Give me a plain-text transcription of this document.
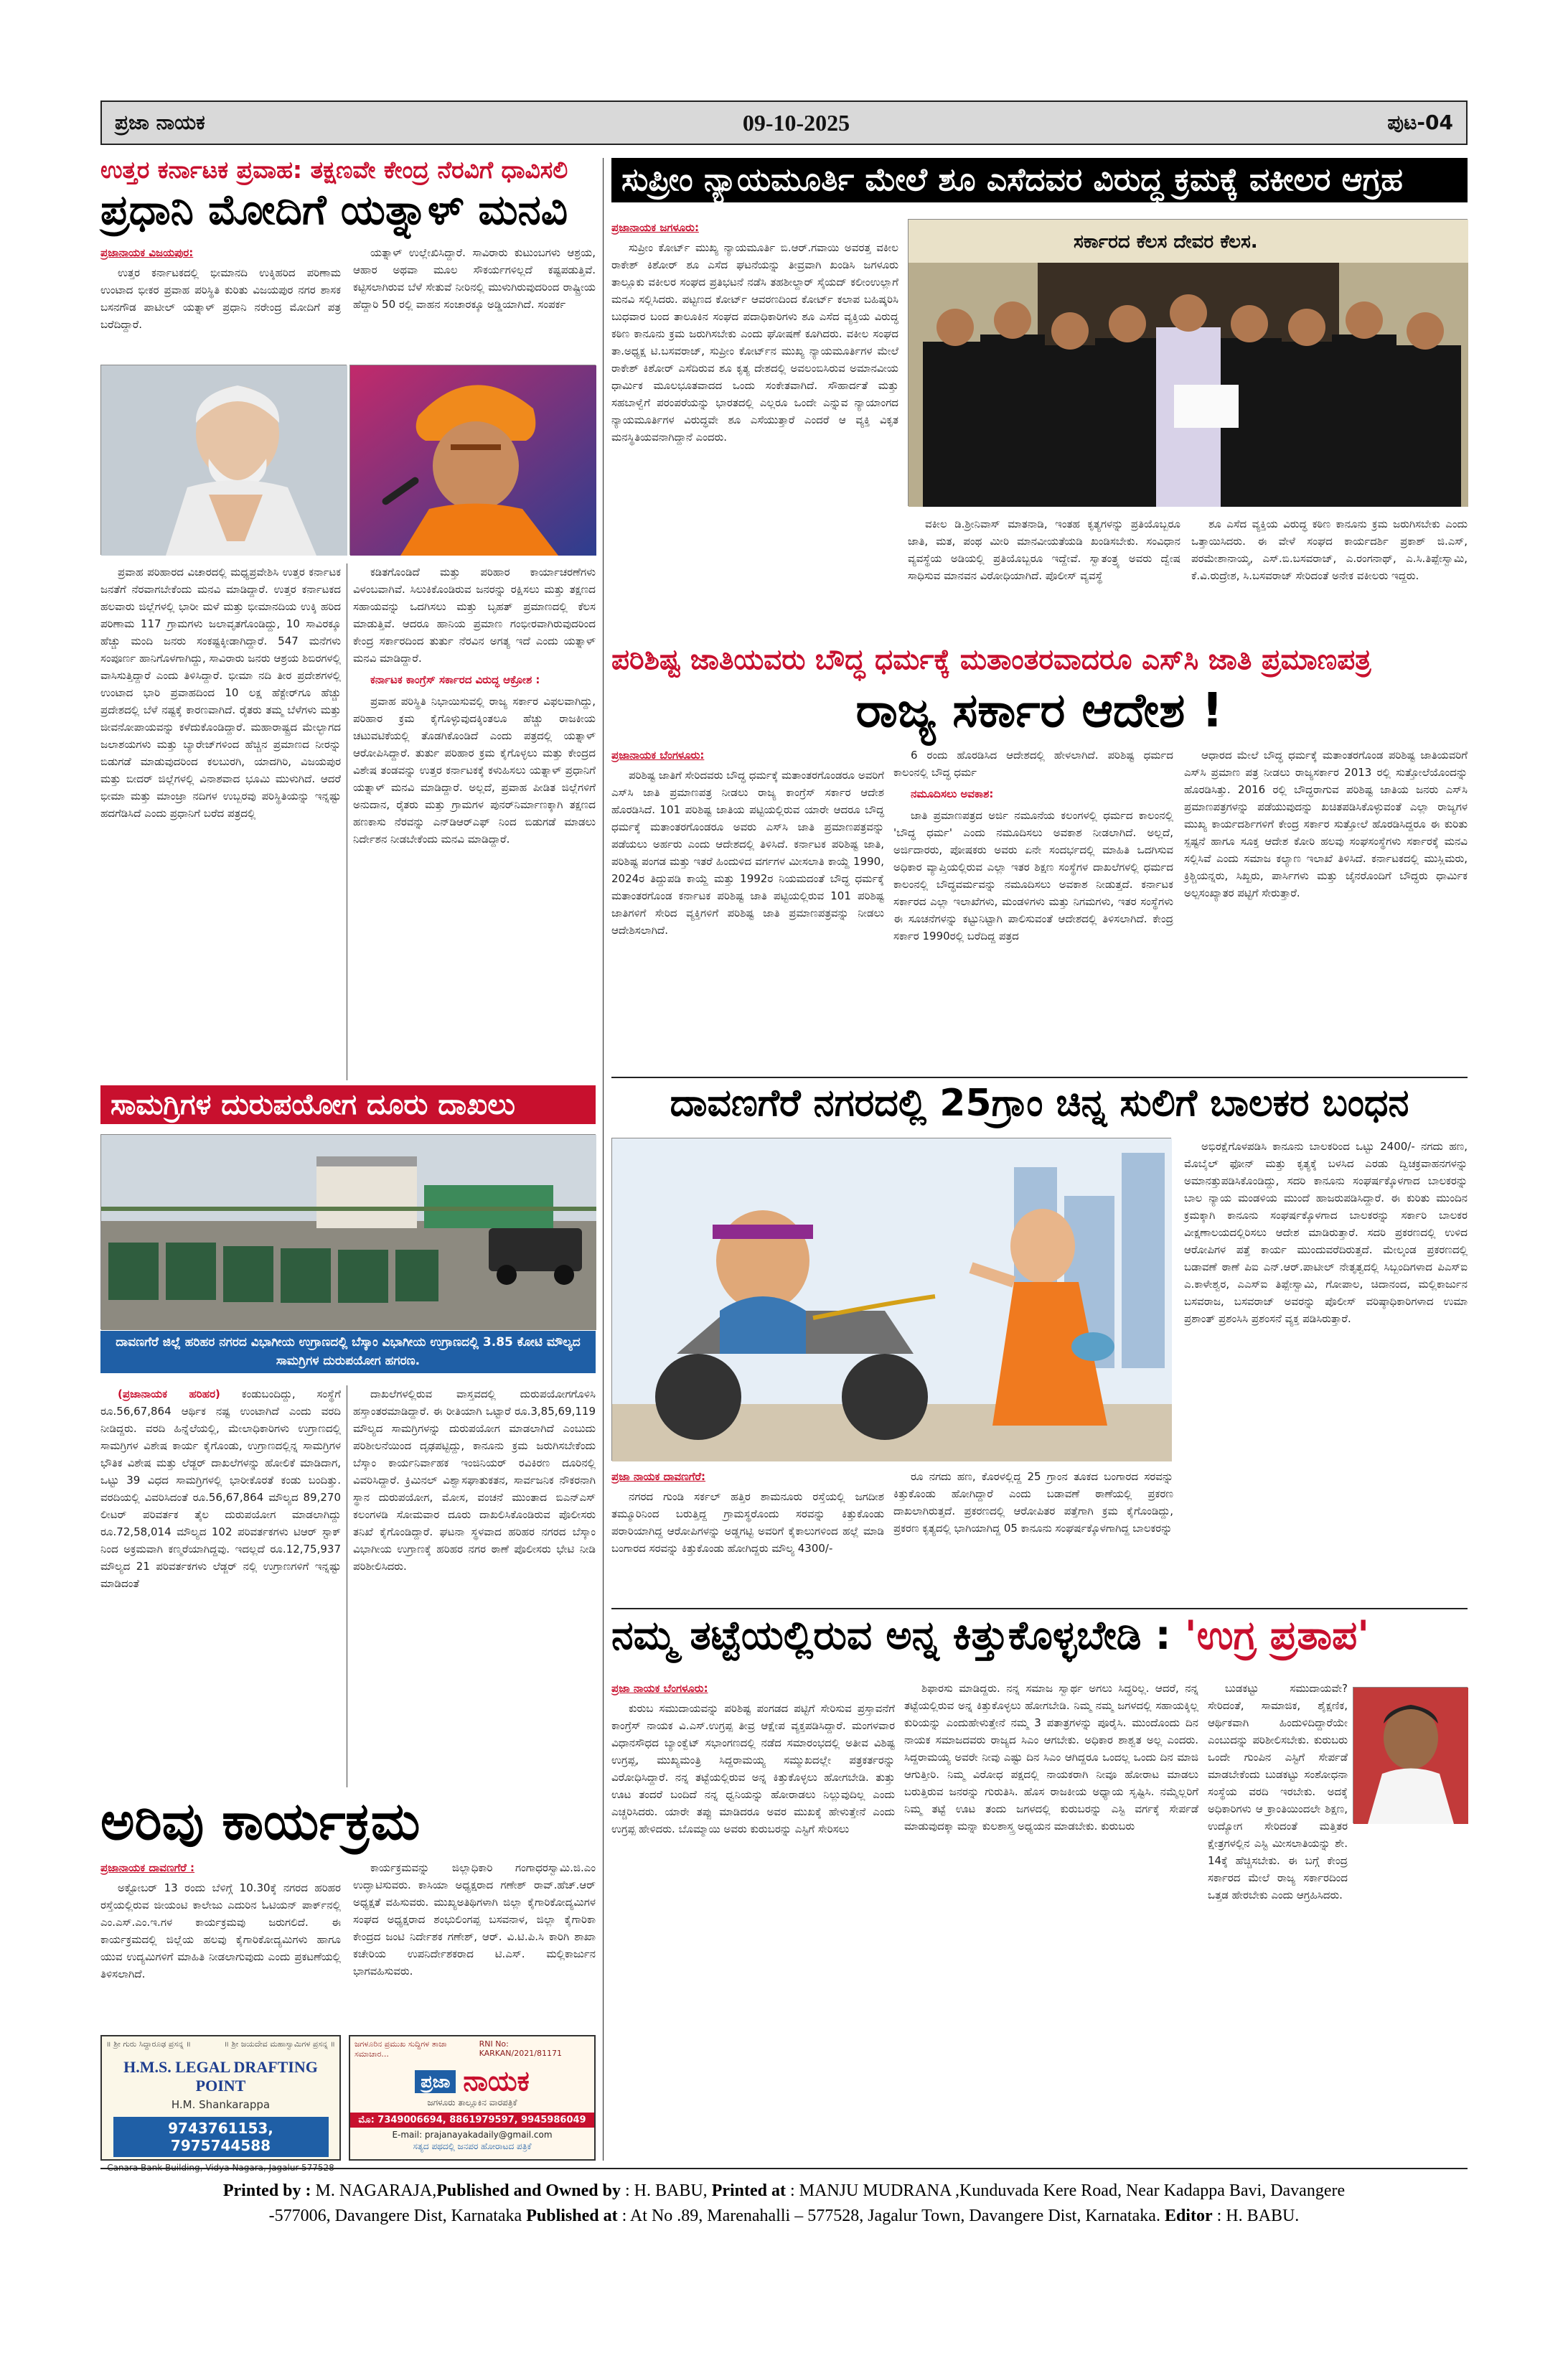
ಪ್ರಜಾ ನಾಯಕ	09-10-2025	ಪುಟ-04
ಉತ್ತರ ಕರ್ನಾಟಕ ಪ್ರವಾಹ: ತಕ್ಷಣವೇ ಕೇಂದ್ರ ನೆರವಿಗೆ ಧಾವಿಸಲಿ
ಪ್ರಧಾನಿ ಮೋದಿಗೆ ಯತ್ನಾಳ್ ಮನವಿ
ಪ್ರಜಾನಾಯಕ ವಿಜಯಪುರ:

ಉತ್ತರ ಕರ್ನಾಟಕದಲ್ಲಿ ಭೀಮಾನದಿ ಉಕ್ಕಿಹರಿದ ಪರಿಣಾಮ ಉಂಟಾದ ಭೀಕರ ಪ್ರವಾಹ ಪರಿಸ್ಥಿತಿ ಕುರಿತು ವಿಜಯಪುರ ನಗರ ಶಾಸಕ ಬಸನಗೌಡ ಪಾಟೀಲ್ ಯತ್ನಾಳ್ ಪ್ರಧಾನಿ ನರೇಂದ್ರ ಮೋದಿಗೆ ಪತ್ರ ಬರೆದಿದ್ದಾರೆ.

ಯತ್ನಾಳ್ ಉಲ್ಲೇಖಿಸಿದ್ದಾರೆ. ಸಾವಿರಾರು ಕುಟುಂಬಗಳು ಆಶ್ರಯ, ಆಹಾರ ಅಥವಾ ಮೂಲ ಸೌಕರ್ಯಗಳಿಲ್ಲದೆ ಕಷ್ಟಪಡುತ್ತಿವೆ. ಕಟ್ಟಿಸಲಾಗಿರುವ ಬೆಳೆ ಸೇತುವೆ ನೀರಿನಲ್ಲಿ ಮುಳುಗಿರುವುದರಿಂದ ರಾಷ್ಟ್ರೀಯ ಹೆದ್ದಾರಿ 50 ರಲ್ಲಿ ವಾಹನ ಸಂಚಾರಕ್ಕೂ ಅಡ್ಡಿಯಾಗಿದೆ. ಸಂಪರ್ಕ

ಪ್ರವಾಹ ಪರಿಹಾರದ ವಿಚಾರದಲ್ಲಿ ಮಧ್ಯಪ್ರವೇಶಿಸಿ ಉತ್ತರ ಕರ್ನಾಟಕ ಜನತೆಗೆ ನೆರವಾಗಬೇಕೆಂದು ಮನವಿ ಮಾಡಿದ್ದಾರೆ. ಉತ್ತರ ಕರ್ನಾಟಕದ ಹಲವಾರು ಜಿಲ್ಲೆಗಳಲ್ಲಿ ಭಾರೀ ಮಳೆ ಮತ್ತು ಭೀಮಾನದಿಯ ಉಕ್ಕಿ ಹರಿದ ಪರಿಣಾಮ 117 ಗ್ರಾಮಗಳು ಜಲಾವೃತಗೊಂಡಿದ್ದು, 10 ಸಾವಿರಕ್ಕೂ ಹೆಚ್ಚು ಮಂದಿ ಜನರು ಸಂಕಷ್ಟಕ್ಕೀಡಾಗಿದ್ದಾರೆ. 547 ಮನೆಗಳು ಸಂಪೂರ್ಣ ಹಾನಿಗೊಳಗಾಗಿದ್ದು, ಸಾವಿರಾರು ಜನರು ಆಶ್ರಯ ಶಿಬಿರಗಳಲ್ಲಿ ವಾಸಿಸುತ್ತಿದ್ದಾರೆ ಎಂದು ತಿಳಿಸಿದ್ದಾರೆ. ಭೀಮಾ ನದಿ ತೀರ ಪ್ರದೇಶಗಳಲ್ಲಿ ಉಂಟಾದ ಭಾರಿ ಪ್ರವಾಹದಿಂದ 10 ಲಕ್ಷ ಹೆಕ್ಟೇರ್‌ಗೂ ಹೆಚ್ಚು ಪ್ರದೇಶದಲ್ಲಿ ಬೆಳೆ ನಷ್ಟಕ್ಕೆ ಕಾರಣವಾಗಿದೆ. ರೈತರು ತಮ್ಮ ಬೆಳೆಗಳು ಮತ್ತು ಜೀವನೋಪಾಯವನ್ನು ಕಳೆದುಕೊಂಡಿದ್ದಾರೆ. ಮಹಾರಾಷ್ಟ್ರದ ಮೇಲ್ಭಾಗದ ಜಲಾಶಯಗಳು ಮತ್ತು ಬ್ಯಾರೇಜ್‌ಗಳಿಂದ ಹೆಚ್ಚಿನ ಪ್ರಮಾಣದ ನೀರನ್ನು ಬಿಡುಗಡೆ ಮಾಡುವುದರಿಂದ ಕಲಬುರಗಿ, ಯಾದಗಿರಿ, ವಿಜಯಪುರ ಮತ್ತು ಬೀದರ್ ಜಿಲ್ಲೆಗಳಲ್ಲಿ ವಿನಾಶವಾದ ಭೂಮಿ ಮುಳುಗಿದೆ. ಆದರೆ ಭೀಮಾ ಮತ್ತು ಮಾಂಜ್ರಾ ನದಿಗಳ ಉಬ್ಬರವು ಪರಿಸ್ಥಿತಿಯನ್ನು ಇನ್ನಷ್ಟು ಹದಗೆಡಿಸಿದೆ ಎಂದು ಪ್ರಧಾನಿಗೆ ಬರೆದ ಪತ್ರದಲ್ಲಿ

ಕಡಿತಗೊಂಡಿದೆ ಮತ್ತು ಪರಿಹಾರ ಕಾರ್ಯಾಚರಣೆಗಳು ವಿಳಂಬವಾಗಿವೆ. ಸಿಲುಕಿಕೊಂಡಿರುವ ಜನರನ್ನು ರಕ್ಷಿಸಲು ಮತ್ತು ತಕ್ಷಣದ ಸಹಾಯವನ್ನು ಒದಗಿಸಲು ಮತ್ತು ಬೃಹತ್ ಪ್ರಮಾಣದಲ್ಲಿ ಕೆಲಸ ಮಾಡುತ್ತಿವೆ. ಆದರೂ ಹಾನಿಯ ಪ್ರಮಾಣ ಗಂಭೀರವಾಗಿರುವುದರಿಂದ ಕೇಂದ್ರ ಸರ್ಕಾರದಿಂದ ತುರ್ತು ನೆರವಿನ ಅಗತ್ಯ ಇದೆ ಎಂದು ಯತ್ನಾಳ್ ಮನವಿ ಮಾಡಿದ್ದಾರೆ.

ಕರ್ನಾಟಕ ಕಾಂಗ್ರೆಸ್ ಸರ್ಕಾರದ ವಿರುದ್ಧ ಆಕ್ರೋಶ :

ಪ್ರವಾಹ ಪರಿಸ್ಥಿತಿ ನಿಭಾಯಿಸುವಲ್ಲಿ ರಾಜ್ಯ ಸರ್ಕಾರ ವಿಫಲವಾಗಿದ್ದು, ಪರಿಹಾರ ಕ್ರಮ ಕೈಗೊಳ್ಳುವುದಕ್ಕಿಂತಲೂ ಹೆಚ್ಚು ರಾಜಕೀಯ ಚಟುವಟಿಕೆಯಲ್ಲಿ ತೊಡಗಿಕೊಂಡಿದೆ ಎಂದು ಪತ್ರದಲ್ಲಿ ಯತ್ನಾಳ್ ಆರೋಪಿಸಿದ್ದಾರೆ. ತುರ್ತು ಪರಿಹಾರ ಕ್ರಮ ಕೈಗೊಳ್ಳಲು ಮತ್ತು ಕೇಂದ್ರದ ವಿಶೇಷ ತಂಡವನ್ನು ಉತ್ತರ ಕರ್ನಾಟಕಕ್ಕೆ ಕಳುಹಿಸಲು ಯತ್ನಾಳ್ ಪ್ರಧಾನಿಗೆ ಯತ್ನಾಳ್ ಮನವಿ ಮಾಡಿದ್ದಾರೆ. ಅಲ್ಲದೆ, ಪ್ರವಾಹ ಪೀಡಿತ ಜಿಲ್ಲೆಗಳಿಗೆ ಅನುದಾನ, ರೈತರು ಮತ್ತು ಗ್ರಾಮಗಳ ಪುನರ್‌ನಿರ್ಮಾಣಕ್ಕಾಗಿ ತಕ್ಷಣದ ಹಣಕಾಸು ನೆರವನ್ನು ಎನ್‌ಡಿಆರ್‌ಎಫ್ ನಿಂದ ಬಿಡುಗಡೆ ಮಾಡಲು ನಿರ್ದೇಶನ ನೀಡಬೇಕೆಂದು ಮನವಿ ಮಾಡಿದ್ದಾರೆ.

ಸಾಮಗ್ರಿಗಳ ದುರುಪಯೋಗ ದೂರು ದಾಖಲು
ದಾವಣಗೆರೆ ಜಿಲ್ಲೆ ಹರಿಹರ ನಗರದ ವಿಭಾಗೀಯ ಉಗ್ರಾಣದಲ್ಲಿ ಬೆಸ್ಕಾಂ ವಿಭಾಗೀಯ ಉಗ್ರಾಣದಲ್ಲಿ 3.85 ಕೋಟಿ ಮೌಲ್ಯದ ಸಾಮಗ್ರಿಗಳ ದುರುಪಯೋಗ ಹಗರಣ.

(ಪ್ರಜಾನಾಯಕ ಹರಿಹರ) ಕಂಡುಬಂದಿದ್ದು, ಸಂಸ್ಥೆಗೆ ರೂ.56,67,864 ಆರ್ಥಿಕ ನಷ್ಟ ಉಂಟಾಗಿದೆ ಎಂದು ವರದಿ ನೀಡಿದ್ದರು. ವರದಿ ಹಿನ್ನೆಲೆಯಲ್ಲಿ, ಮೇಲಾಧಿಕಾರಿಗಳು ಉಗ್ರಾಣದಲ್ಲಿ ಸಾಮಗ್ರಿಗಳ ವಿಶೇಷ ಕಾರ್ಯ ಕೈಗೊಂಡು, ಉಗ್ರಾಣದಲ್ಲಿನ್ನ ಸಾಮಗ್ರಿಗಳ ಭೌತಿಕ ವಿಶೇಷ ಮತ್ತು ಲೆಡ್ಜರ್ ದಾಖಲೆಗಳನ್ನು ಹೋಲಿಕೆ ಮಾಡಿದಾಗ, ಒಟ್ಟು 39 ವಿಧದ ಸಾಮಗ್ರಿಗಳಲ್ಲಿ ಭಾರೀಕೊರತೆ ಕಂಡು ಬಂದಿತ್ತು. ವರದಿಯಲ್ಲಿ ವಿವರಿಸಿದಂತೆ ರೂ.56,67,864 ಮೌಲ್ಯದ 89,270 ಲೀಟರ್ ಪರಿವರ್ತಕ ತೈಲ ದುರುಪಯೋಗ ಮಾಡಲಾಗಿದ್ದು ರೂ.72,58,014 ಮೌಲ್ಯದ 102 ಪರಿವರ್ತಕಗಳು ಟಿಆರ್ ಸ್ಟಾಕ್ ನಿಂದ ಅಕ್ರಮವಾಗಿ ಕಣ್ಮರೆಯಾಗಿದ್ದವು. ಇದಲ್ಲದೆ ರೂ.12,75,937 ಮೌಲ್ಯದ 21 ಪರಿವರ್ತಕಗಳು ಲೆಡ್ಜರ್ ನಲ್ಲಿ ಉಗ್ರಾಣಗಳಿಗೆ ಇನ್ನಷ್ಟು ಮಾಡಿದಂತೆ

ದಾಖಲೆಗಳಲ್ಲಿರುವ ವಾಸ್ತವದಲ್ಲಿ ದುರುಪಯೋಗಗೊಳಿಸಿ ಹಸ್ತಾಂತರಮಾಡಿದ್ದಾರೆ. ಈ ರೀತಿಯಾಗಿ ಒಟ್ಟಾರೆ ರೂ.3,85,69,119 ಮೌಲ್ಯದ ಸಾಮಗ್ರಿಗಳನ್ನು ದುರುಪಯೋಗ ಮಾಡಲಾಗಿದೆ ಎಂಬುದು ಪರಿಶೀಲನೆಯಿಂದ ದೃಢಪಟ್ಟಿದ್ದು, ಕಾನೂನು ಕ್ರಮ ಜರುಗಿಸಬೇಕೆಂದು ಬೆಸ್ಕಾಂ ಕಾರ್ಯನಿರ್ವಾಹಕ ಇಂಜಿನಿಯರ್ ರವಿಕಿರಣ ದೂರಿನಲ್ಲಿ ವಿವರಿಸಿದ್ದಾರೆ. ಕ್ರಿಮಿನಲ್ ವಿಶ್ವಾಸಘಾತುಕತನ, ಸಾರ್ವಜನಿಕ ನೌಕರನಾಗಿ ಸ್ಥಾನ ದುರುಪಯೋಗ, ಮೋಸ, ವಂಚನೆ ಮುಂತಾದ ಬಿಎನ್‌ಎಸ್ ಕಲಂಗಳಡಿ ಸೋಮವಾರ ದೂರು ದಾಖಲಿಸಿಕೊಂಡಿರುವ ಪೊಲೀಸರು ತನಿಖೆ ಕೈಗೊಂಡಿದ್ದಾರೆ. ಘಟನಾ ಸ್ಥಳವಾದ ಹರಿಹರ ನಗರದ ಬೆಸ್ಕಾಂ ವಿಭಾಗೀಯ ಉಗ್ರಾಣಕ್ಕೆ ಹರಿಹರ ನಗರ ಠಾಣೆ ಪೊಲೀಸರು ಭೇಟಿ ನೀಡಿ ಪರಿಶೀಲಿಸಿದರು.

ಅರಿವು ಕಾರ್ಯಕ್ರಮ
ಪ್ರಜಾನಾಯಕ ದಾವಣಗೆರೆ :

ಅಕ್ಟೋಬರ್ 13 ರಂದು ಬೆಳಿಗ್ಗೆ 10.30ಕ್ಕೆ ನಗರದ ಹರಿಹರ ರಸ್ತೆಯಲ್ಲಿರುವ ಜೀಯಂಟಿ ಕಾಲೇಜು ಎದುರಿನ ಓಟಿಯನ್ ಪಾರ್ಕ್‌ನಲ್ಲಿ ಎಂ.ಎಸ್.ಎಂ.ಇ.ಗಳ ಕಾರ್ಯಕ್ರಮವು ಜರುಗಲಿದೆ. ಈ ಕಾರ್ಯಕ್ರಮದಲ್ಲಿ ಜಿಲ್ಲೆಯ ಹಲವು ಕೈಗಾರಿಕೋದ್ಯಮಿಗಳು ಹಾಗೂ ಯುವ ಉದ್ಯಮಿಗಳಿಗೆ ಮಾಹಿತಿ ನೀಡಲಾಗುವುದು ಎಂದು ಪ್ರಕಟಣೆಯಲ್ಲಿ ತಿಳಿಸಲಾಗಿದೆ.

ಕಾರ್ಯಕ್ರಮವನ್ನು ಜಿಲ್ಲಾಧಿಕಾರಿ ಗಂಗಾಧರಸ್ವಾಮಿ.ಜಿ.ಎಂ ಉದ್ಘಾಟಿಸುವರು. ಕಾಸಿಯಾ ಅಧ್ಯಕ್ಷರಾದ ಗಣೇಶ್ ರಾವ್.ಹೆಚ್.ಆರ್ ಅಧ್ಯಕ್ಷತೆ ವಹಿಸುವರು. ಮುಖ್ಯಅತಿಥಿಗಳಾಗಿ ಜಿಲ್ಲಾ ಕೈಗಾರಿಕೋದ್ಯಮಿಗಳ ಸಂಘದ ಅಧ್ಯಕ್ಷರಾದ ಶಂಭುಲಿಂಗಪ್ಪ ಬಸವನಾಳ, ಜಿಲ್ಲಾ ಕೈಗಾರಿಕಾ ಕೇಂದ್ರದ ಜಂಟಿ ನಿರ್ದೇಶಕ ಗಣೇಶ್, ಆರ್. ವಿ.ಟಿ.ಪಿ.ಸಿ ಕಾರಿಗಿ ಶಾಖಾ ಕಚೇರಿಯ ಉಪನಿರ್ದೇಶಕರಾದ ಟಿ.ಎಸ್. ಮಲ್ಲಿಕಾರ್ಜುನ ಭಾಗವಹಿಸುವರು.

॥ ಶ್ರೀ ಗುರು ಸಿದ್ದಾರೂಢ ಪ್ರಸನ್ನ ॥	॥ ಶ್ರೀ ಜಯದೇವ ಮಹಾಸ್ವಾಮಿಗಳ ಪ್ರಸನ್ನ ॥
H.M.S. LEGAL DRAFTING POINT
H.M. Shankarappa
9743761153, 7975744588
ಜಗಳೂರಿನ ಪ್ರಮುಖ ಸುದ್ದಿಗಳ ತಾಜಾ ಸಮಾಚಾರ...
RNI No: KARKAN/2021/81171
ಪ್ರಜಾ ನಾಯಕ
ಜಗಳೂರು ತಾಲ್ಲೂಕಿನ ವಾರಪತ್ರಿಕೆ
ಮೊ: 7349006694, 8861979597, 9945986049
E-mail: prajanayakadaily@gmail.com
ಸತ್ಯದ ಪಥದಲ್ಲಿ ಜನಪರ ಹೋರಾಟದ ಪತ್ರಿಕೆ
ಸುಪ್ರೀಂ ನ್ಯಾಯಮೂರ್ತಿ ಮೇಲೆ ಶೂ ಎಸೆದವರ ವಿರುದ್ಧ ಕ್ರಮಕ್ಕೆ ವಕೀಲರ ಆಗ್ರಹ
ಪ್ರಜಾನಾಯಕ ಜಗಳೂರು:

ಸುಪ್ರೀಂ ಕೋರ್ಟ್ ಮುಖ್ಯ ನ್ಯಾಯಮೂರ್ತಿ ಬಿ.ಆರ್.ಗವಾಯಿ ಅವರತ್ತ ವಕೀಲ ರಾಕೇಶ್ ಕಿಶೋರ್ ಶೂ ಎಸೆದ ಘಟನೆಯನ್ನು ತೀವ್ರವಾಗಿ ಖಂಡಿಸಿ ಜಗಳೂರು ತಾಲ್ಲೂಕು ವಕೀಲರ ಸಂಘದ ಪ್ರತಿಭಟನೆ ನಡೆಸಿ ತಹಶೀಲ್ದಾರ್ ಸೈಯದ್ ಕಲೀಂಉಲ್ಲಾಗೆ ಮನವಿ ಸಲ್ಲಿಸಿದರು. ಪಟ್ಟಣದ ಕೋರ್ಟ್ ಆವರಣದಿಂದ ಕೋರ್ಟ್ ಕಲಾಪ ಬಹಿಷ್ಕರಿಸಿ ಬುಧವಾರ ಬಂದ ತಾಲೂಕಿನ ಸಂಘದ ಪದಾಧಿಕಾರಿಗಳು ಶೂ ಎಸೆದ ವ್ಯಕ್ತಿಯ ವಿರುದ್ಧ ಕಠಿಣ ಕಾನೂನು ಕ್ರಮ ಜರುಗಿಸಬೇಕು ಎಂದು ಘೋಷಣೆ ಕೂಗಿದರು. ವಕೀಲ ಸಂಘದ ತಾ.ಅಧ್ಯಕ್ಷ ಟಿ.ಬಸವರಾಜ್, ಸುಪ್ರೀಂ ಕೋರ್ಟ್‌ನ ಮುಖ್ಯ ನ್ಯಾಯಮೂರ್ತಿಗಳ ಮೇಲೆ ರಾಕೇಶ್ ಕಿಶೋರ್ ಎಸೆದಿರುವ ಶೂ ಕೃತ್ಯ ದೇಶದಲ್ಲಿ ಅವಲಂಬಿಸಿರುವ ಅಮಾನವೀಯ ಧಾರ್ಮಿಕ ಮೂಲಭೂತವಾದದ ಒಂದು ಸಂಕೇತವಾಗಿದೆ. ಸೌಹಾರ್ದತೆ ಮತ್ತು ಸಹಬಾಳ್ವೆಗೆ ಪರಂಪರೆಯನ್ನು ಭಾರತದಲ್ಲಿ ಎಲ್ಲರೂ ಒಂದೇ ಎನ್ನುವ ನ್ಯಾಯಾಂಗದ ನ್ಯಾಯಮೂರ್ತಿಗಳ ವಿರುದ್ಧವೇ ಶೂ ಎಸೆಯುತ್ತಾರೆ ಎಂದರೆ ಆ ವ್ಯಕ್ತಿ ವಿಕೃತ ಮನಸ್ಥಿತಿಯವನಾಗಿದ್ದಾನೆ ಎಂದರು.

ಸರ್ಕಾರದ ಕೆಲಸ ದೇವರ ಕೆಲಸ.

ವಕೀಲ ಡಿ.ಶ್ರೀನಿವಾಸ್ ಮಾತನಾಡಿ, ಇಂತಹ ಕೃತ್ಯಗಳನ್ನು ಪ್ರತಿಯೊಬ್ಬರೂ ಜಾತಿ, ಮತ, ಪಂಥ ಮೀರಿ ಮಾನವೀಯತೆಯಡಿ ಖಂಡಿಸಬೇಕು. ಸಂವಿಧಾನ ವ್ಯವಸ್ಥೆಯ ಅಡಿಯಲ್ಲಿ ಪ್ರತಿಯೊಬ್ಬರೂ ಇದ್ದೇವೆ. ಸ್ವಾತಂತ್ರ್ಯ ಅವರು ದ್ವೇಷ ಸಾಧಿಸುವ ಮಾನವನ ವಿರೋಧಿಯಾಗಿದೆ. ಪೊಲೀಸ್ ವ್ಯವಸ್ಥೆ

ಶೂ ಎಸೆದ ವ್ಯಕ್ತಿಯ ವಿರುದ್ಧ ಕಠಿಣ ಕಾನೂನು ಕ್ರಮ ಜರುಗಿಸಬೇಕು ಎಂದು ಒತ್ತಾಯಿಸಿದರು. ಈ ವೇಳೆ ಸಂಘದ ಕಾರ್ಯದರ್ಶಿ ಪ್ರಕಾಶ್ ಜಿ.ಎಸ್, ಪರಮೇಶಾನಾಯ್ಕ, ಎಸ್.ಬಿ.ಬಸವರಾಜ್, ಎ.ರಂಗನಾಥ್, ಎ.ಸಿ.ತಿಪ್ಪೇಸ್ವಾಮಿ, ಕೆ.ವಿ.ರುದ್ರೇಶ, ಸಿ.ಬಸವರಾಜ್ ಸೇರಿದಂತೆ ಅನೇಕ ವಕೀಲರು ಇದ್ದರು.

ಪರಿಶಿಷ್ಟ ಜಾತಿಯವರು ಬೌದ್ಧ ಧರ್ಮಕ್ಕೆ ಮತಾಂತರವಾದರೂ ಎಸ್‌ಸಿ ಜಾತಿ ಪ್ರಮಾಣಪತ್ರ
ರಾಜ್ಯ ಸರ್ಕಾರ ಆದೇಶ !
ಪ್ರಜಾನಾಯಕ ಬೆಂಗಳೂರು:

ಪರಿಶಿಷ್ಟ ಜಾತಿಗೆ ಸೇರಿದವರು ಬೌದ್ಧ ಧರ್ಮಕ್ಕೆ ಮತಾಂತರಗೊಂಡರೂ ಅವರಿಗೆ ಎಸ್‌ಸಿ ಜಾತಿ ಪ್ರಮಾಣಪತ್ರ ನೀಡಲು ರಾಜ್ಯ ಕಾಂಗ್ರೆಸ್ ಸರ್ಕಾರ ಆದೇಶ ಹೊರಡಿಸಿದೆ. 101 ಪರಿಶಿಷ್ಟ ಜಾತಿಯ ಪಟ್ಟಿಯಲ್ಲಿರುವ ಯಾರೇ ಆದರೂ ಬೌದ್ಧ ಧರ್ಮಕ್ಕೆ ಮತಾಂತರಗೊಂಡರೂ ಅವರು ಎಸ್‌ಸಿ ಜಾತಿ ಪ್ರಮಾಣಪತ್ರವನ್ನು ಪಡೆಯಲು ಅರ್ಹರು ಎಂದು ಆದೇಶದಲ್ಲಿ ತಿಳಿಸಿದೆ. ಕರ್ನಾಟಕ ಪರಿಶಿಷ್ಟ ಜಾತಿ, ಪರಿಶಿಷ್ಟ ಪಂಗಡ ಮತ್ತು ಇತರೆ ಹಿಂದುಳಿದ ವರ್ಗಗಳ ಮೀಸಲಾತಿ ಕಾಯ್ದೆ 1990, 2024ರ ತಿದ್ದುಪಡಿ ಕಾಯ್ದೆ ಮತ್ತು 1992ರ ನಿಯಮದಂತೆ ಬೌದ್ಧ ಧರ್ಮಕ್ಕೆ ಮತಾಂತರಗೊಂಡ ಕರ್ನಾಟಕ ಪರಿಶಿಷ್ಟ ಜಾತಿ ಪಟ್ಟಿಯಲ್ಲಿರುವ 101 ಪರಿಶಿಷ್ಟ ಜಾತಿಗಳಿಗೆ ಸೇರಿದ ವ್ಯಕ್ತಿಗಳಿಗೆ ಪರಿಶಿಷ್ಟ ಜಾತಿ ಪ್ರಮಾಣಪತ್ರವನ್ನು ನೀಡಲು ಆದೇಶಿಸಲಾಗಿದೆ.

6 ರಂದು ಹೊರಡಿಸಿದ ಆದೇಶದಲ್ಲಿ ಹೇಳಲಾಗಿದೆ. ಪರಿಶಿಷ್ಟ ಧರ್ಮದ ಕಾಲಂನಲ್ಲಿ ಬೌದ್ಧ ಧರ್ಮ

ನಮೂದಿಸಲು ಅವಕಾಶ:

ಜಾತಿ ಪ್ರಮಾಣಪತ್ರದ ಅರ್ಜಿ ನಮೂನೆಯ ಕಲಂಗಳಲ್ಲಿ ಧರ್ಮದ ಕಾಲಂನಲ್ಲಿ 'ಬೌದ್ಧ ಧರ್ಮ' ಎಂದು ನಮೂದಿಸಲು ಅವಕಾಶ ನೀಡಲಾಗಿದೆ. ಅಲ್ಲದೆ, ಅರ್ಜಿದಾರರು, ಪೋಷಕರು ಅವರು ಏನೇ ಸಂದರ್ಭದಲ್ಲಿ ಮಾಹಿತಿ ಒದಗಿಸುವ ಅಧಿಕಾರ ವ್ಯಾಪ್ತಿಯಲ್ಲಿರುವ ಎಲ್ಲಾ ಇತರ ಶಿಕ್ಷಣ ಸಂಸ್ಥೆಗಳ ದಾಖಲೆಗಳಲ್ಲಿ ಧರ್ಮದ ಕಾಲಂನಲ್ಲಿ ಬೌದ್ಧವರ್ಮವನ್ನು ನಮೂದಿಸಲು ಅವಕಾಶ ನೀಡುತ್ತದೆ. ಕರ್ನಾಟಕ ಸರ್ಕಾರದ ಎಲ್ಲಾ ಇಲಾಖೆಗಳು, ಮಂಡಳಿಗಳು ಮತ್ತು ನಿಗಮಗಳು, ಇತರ ಸಂಸ್ಥೆಗಳು ಈ ಸೂಚನೆಗಳನ್ನು ಕಟ್ಟುನಿಟ್ಟಾಗಿ ಪಾಲಿಸುವಂತೆ ಆದೇಶದಲ್ಲಿ ತಿಳಿಸಲಾಗಿದೆ. ಕೇಂದ್ರ ಸರ್ಕಾರ 1990ರಲ್ಲಿ ಬರೆದಿದ್ದ ಪತ್ರದ

ಆಧಾರದ ಮೇಲೆ ಬೌದ್ಧ ಧರ್ಮಕ್ಕೆ ಮತಾಂತರಗೊಂಡ ಪರಿಶಿಷ್ಟ ಜಾತಿಯವರಿಗೆ ಎಸ್‌ಸಿ ಪ್ರಮಾಣ ಪತ್ರ ನೀಡಲು ರಾಜ್ಯಸರ್ಕಾರ 2013 ರಲ್ಲಿ ಸುತ್ತೋಲೆಯೊಂದನ್ನು ಹೊರಡಿಸಿತ್ತು. 2016 ರಲ್ಲಿ ಬೌದ್ಧರಾಗುವ ಪರಿಶಿಷ್ಟ ಜಾತಿಯ ಜನರು ಎಸ್‌ಸಿ ಪ್ರಮಾಣಪತ್ರಗಳನ್ನು ಪಡೆಯುವುದನ್ನು ಖಚಿತಪಡಿಸಿಕೊಳ್ಳುವಂತೆ ಎಲ್ಲಾ ರಾಜ್ಯಗಳ ಮುಖ್ಯ ಕಾರ್ಯದರ್ಶಿಗಳಿಗೆ ಕೇಂದ್ರ ಸರ್ಕಾರ ಸುತ್ತೋಲೆ ಹೊರಡಿಸಿದ್ದರೂ ಈ ಕುರಿತು ಸ್ಪಷ್ಟನೆ ಹಾಗೂ ಸೂಕ್ತ ಆದೇಶ ಕೋರಿ ಹಲವು ಸಂಘಸಂಸ್ಥೆಗಳು ಸರ್ಕಾರಕ್ಕೆ ಮನವಿ ಸಲ್ಲಿಸಿವೆ ಎಂದು ಸಮಾಜ ಕಲ್ಯಾಣ ಇಲಾಖೆ ತಿಳಿಸಿದೆ. ಕರ್ನಾಟಕದಲ್ಲಿ ಮುಸ್ಲಿಮರು, ಕ್ರಿಶ್ಚಿಯನ್ನರು, ಸಿಖ್ಖರು, ಪಾರ್ಸಿಗಳು ಮತ್ತು ಜೈನರೊಂದಿಗೆ ಬೌದ್ಧರು ಧಾರ್ಮಿಕ ಅಲ್ಪಸಂಖ್ಯಾತರ ಪಟ್ಟಿಗೆ ಸೇರುತ್ತಾರೆ.

ದಾವಣಗೆರೆ ನಗರದಲ್ಲಿ 25ಗ್ರಾಂ ಚಿನ್ನ ಸುಲಿಗೆ ಬಾಲಕರ ಬಂಧನ
ಪ್ರಜಾ ನಾಯಕ ದಾವಣಗೆರೆ:

ನಗರದ ಗುಂಡಿ ಸರ್ಕಲ್ ಹತ್ತಿರ ಶಾಮನೂರು ರಸ್ತೆಯಲ್ಲಿ ಜಗದೀಶ ತಮ್ಮೂರಿನಿಂದ ಬರುತ್ತಿದ್ದ ಗ್ರಾಮಸ್ಥರೊಂದು ಸರವನ್ನು ಕಿತ್ತುಕೊಂಡು ಪರಾರಿಯಾಗಿದ್ದ ಆರೋಪಿಗಳನ್ನು ಅಡ್ಡಗಟ್ಟಿ ಅವರಿಗೆ ಕೈಕಾಲುಗಳಿಂದ ಹಲ್ಲೆ ಮಾಡಿ ಬಂಗಾರದ ಸರವನ್ನು ಕಿತ್ತುಕೊಂಡು ಹೋಗಿದ್ದರು ಮೌಲ್ಯ 4300/-

ರೂ ನಗದು ಹಣ, ಕೊರಳಲ್ಲಿದ್ದ 25 ಗ್ರಾಂನ ತೂಕದ ಬಂಗಾರದ ಸರವನ್ನು ಕಿತ್ತುಕೊಂಡು ಹೋಗಿದ್ದಾರೆ ಎಂದು ಬಡಾವಣೆ ಠಾಣೆಯಲ್ಲಿ ಪ್ರಕರಣ ದಾಖಲಾಗಿರುತ್ತದೆ. ಪ್ರಕರಣದಲ್ಲಿ ಆರೋಪಿತರ ಪತ್ತೆಗಾಗಿ ಕ್ರಮ ಕೈಗೊಂಡಿದ್ದು, ಪ್ರಕರಣ ಕೃತ್ಯದಲ್ಲಿ ಭಾಗಿಯಾಗಿದ್ದ 05 ಕಾನೂನು ಸಂಘರ್ಷಕ್ಕೊಳಗಾಗಿದ್ದ ಬಾಲಕರನ್ನು

ಅಭಿರಕ್ಷೆಗೊಳಪಡಿಸಿ ಕಾನೂನು ಬಾಲಕರಿಂದ ಒಟ್ಟು 2400/- ನಗದು ಹಣ, ಮೊಬೈಲ್ ಫೋನ್ ಮತ್ತು ಕೃತ್ಯಕ್ಕೆ ಬಳಸಿದ ಎರಡು ದ್ವಿಚಕ್ರವಾಹನಗಳನ್ನು ಅಮಾನತ್ತುಪಡಿಸಿಕೊಂಡಿದ್ದು, ಸದರಿ ಕಾನೂನು ಸಂಘರ್ಷಕ್ಕೊಳಗಾದ ಬಾಲಕರನ್ನು ಬಾಲ ನ್ಯಾಯ ಮಂಡಳಿಯ ಮುಂದೆ ಹಾಜರುಪಡಿಸಿದ್ದಾರೆ. ಈ ಕುರಿತು ಮುಂದಿನ ಕ್ರಮಕ್ಕಾಗಿ ಕಾನೂನು ಸಂಘರ್ಷಕ್ಕೊಳಗಾದ ಬಾಲಕರನ್ನು ಸರ್ಕಾರಿ ಬಾಲಕರ ವೀಕ್ಷಣಾಲಯದಲ್ಲಿರಿಸಲು ಆದೇಶ ಮಾಡಿರುತ್ತಾರೆ. ಸದರಿ ಪ್ರಕರಣದಲ್ಲಿ ಉಳಿದ ಆರೋಪಿಗಳ ಪತ್ತೆ ಕಾರ್ಯ ಮುಂದುವರೆದಿರುತ್ತದೆ. ಮೇಲ್ಕಂಡ ಪ್ರಕರಣದಲ್ಲಿ ಬಡಾವಣೆ ಠಾಣೆ ಪಿಐ ಎನ್.ಆರ್.ಪಾಟೀಲ್ ನೇತೃತ್ವದಲ್ಲಿ ಸಿಬ್ಬಂದಿಗಳಾದ ಪಿಎಸ್ಐ ಎ.ಕಾಳೇಶ್ವರ, ಎಎಸ್‌ಐ ತಿಪ್ಪೇಸ್ವಾಮಿ, ಗೋಪಾಲ, ಚಿದಾನಂದ, ಮಲ್ಲಿಕಾರ್ಜುನ ಬಸವರಾಜ, ಬಸವರಾಜ್ ಅವರನ್ನು ಪೊಲೀಸ್ ವರಿಷ್ಠಾಧಿಕಾರಿಗಳಾದ ಉಮಾ ಪ್ರಶಾಂತ್ ಪ್ರಶಂಸಿಸಿ ಪ್ರಶಂಸನೆ ವ್ಯಕ್ತ ಪಡಿಸಿರುತ್ತಾರೆ.

ನಮ್ಮ ತಟ್ಟೆಯಲ್ಲಿರುವ ಅನ್ನ ಕಿತ್ತುಕೊಳ್ಳಬೇಡಿ : 'ಉಗ್ರ ಪ್ರತಾಪ'
ಪ್ರಜಾ ನಾಯಕ ಬೆಂಗಳೂರು:

ಕುರುಬ ಸಮುದಾಯವನ್ನು ಪರಿಶಿಷ್ಟ ಪಂಗಡದ ಪಟ್ಟಿಗೆ ಸೇರಿಸುವ ಪ್ರಸ್ತಾವನೆಗೆ ಕಾಂಗ್ರೆಸ್ ನಾಯಕ ವಿ.ಎಸ್.ಉಗ್ರಪ್ಪ ತೀವ್ರ ಆಕ್ಷೇಪ ವ್ಯಕ್ತಪಡಿಸಿದ್ದಾರೆ. ಮಂಗಳವಾರ ವಿಧಾನಸೌಧದ ಬ್ಯಾಂಕ್ವೆಟ್ ಸಭಾಂಗಣದಲ್ಲಿ ನಡೆದ ಸಮಾರಂಭದಲ್ಲಿ ಅತೀವ ವಿಶಿಷ್ಟ ಉಗ್ರಪ್ಪ, ಮುಖ್ಯಮಂತ್ರಿ ಸಿದ್ದರಾಮಯ್ಯ ಸಮ್ಮುಖದಲ್ಲೇ ಪತ್ರಕರ್ತರನ್ನು ವಿರೋಧಿಸಿದ್ದಾರೆ. ನನ್ನ ತಟ್ಟೆಯಲ್ಲಿರುವ ಅನ್ನ ಕಿತ್ತುಕೊಳ್ಳಲು ಹೋಗಬೇಡಿ. ತುತ್ತು ಊಟ ತಂದರೆ ಬಂದಿದೆ ನನ್ನ ಧ್ವನಿಯನ್ನು ಹೋರಾಡಲು ನಿಲ್ಲುವುದಿಲ್ಲ ಎಂದು ಎಚ್ಚರಿಸಿದರು. ಯಾರೇ ತಪ್ಪು ಮಾಡಿದರೂ ಅವರ ಮುಖಕ್ಕೆ ಹೇಳುತ್ತೇನೆ ಎಂದು ಉಗ್ರಪ್ಪ ಹೇಳಿದರು. ಬೊಮ್ಮಾಯಿ ಅವರು ಕುರುಬರನ್ನು ಎಸ್ಟಿಗೆ ಸೇರಿಸಲು

ಶಿಫಾರಸು ಮಾಡಿದ್ದರು. ನನ್ನ ಸಮಾಜ ಸ್ವಾರ್ಥ ಅಗಲು ಸಿದ್ಧರಿಲ್ಲ. ಆದರೆ, ನನ್ನ ತಟ್ಟೆಯಲ್ಲಿರುವ ಅನ್ನ ಕಿತ್ತುಕೊಳ್ಳಲು ಹೋಗಬೇಡಿ. ನಿಮ್ಮ ನಮ್ಮ ಜಗಳದಲ್ಲಿ ಸಹಾಯಕ್ಕಿಲ್ಲ ಕುರಿಯನ್ನು ಎಂದುಹೇಳುತ್ತೇನೆ ನಮ್ಮ 3 ಪತಾತ್ರಗಳನ್ನು ಪೂರೈಸಿ. ಮುಂದೊಂದು ದಿನ ನಾಯಕ ಸಮಾಜದವರು ರಾಜ್ಯದ ಸಿಎಂ ಆಗಬೇಕು. ಅಧಿಕಾರ ಶಾಶ್ವತ ಅಲ್ಲ ಎಂದರು. ಸಿದ್ದರಾಮಯ್ಯ ಅವರೇ ನೀವು ಎಷ್ಟು ದಿನ ಸಿಎಂ ಆಗಿದ್ದರೂ ಒಂದಲ್ಲ ಒಂದು ದಿನ ಮಾಜಿ ಆಗುತ್ತೀರಿ. ನಿಮ್ಮ ವಿರೋಧ ಪಕ್ಷದಲ್ಲಿ ನಾಯಕರಾಗಿ ನೀವೂ ಹೋರಾಟ ಮಾಡಲು ಬರುತ್ತಿರುವ ಜನರನ್ನು ಗುರುತಿಸಿ. ಹೊಸ ರಾಜಕೀಯ ಅಧ್ಯಾಯ ಸೃಷ್ಟಿಸಿ. ನಮ್ಮೆಲ್ಲ‌ರಿಗೆ ನಿಮ್ಮ ತಟ್ಟೆ ಊಟ ತಂದು ಜಗಳದಲ್ಲಿ ಕುರುಬರನ್ನು ಎಸ್ಟಿ ವರ್ಗಕ್ಕೆ ಸೇರ್ಪಡೆ ಮಾಡುವುದಕ್ಕಾ ಮನ್ನಾ ಕುಲಶಾಸ್ತ್ರ ಅಧ್ಯಯನ ಮಾಡಬೇಕು. ಕುರುಬರು

ಬುಡಕಟ್ಟು ಸಮುದಾಯವೇ? ಸೇರಿದಂತೆ, ಸಾಮಾಜಿಕ, ಶೈಕ್ಷಣಿಕ, ಆರ್ಥಿಕವಾಗಿ ಹಿಂದುಳಿದಿದ್ದಾರೆಯೇ ಎಂಬುದನ್ನು ಪರಿಶೀಲಿಸಬೇಕು. ಕುರುಬರು ಒಂದೇ ಗುಂಪಿನ ಎಸ್ಟಿಗೆ ಸೇರ್ಪಡೆ ಮಾಡಬೇಕೆಂದು ಬುಡಕಟ್ಟು ಸಂಶೋಧನಾ ಸಂಸ್ಥೆಯ ವರದಿ ಇರಬೇಕು. ಅದಕ್ಕೆ ಅಧಿಕಾರಿಗಳು ಆ ಕ್ರಾಂತಿಯಿಂದಲೇ ಶಿಕ್ಷಣ, ಉದ್ಯೋಗ ಸೇರಿದಂತೆ ಮತ್ತಿತರ ಕ್ಷೇತ್ರಗಳಲ್ಲಿನ ಎಸ್ಟಿ ಮೀಸಲಾತಿಯನ್ನು ಶೇ. 14ಕ್ಕೆ ಹೆಚ್ಚಿಸಬೇಕು. ಈ ಬಗ್ಗೆ ಕೇಂದ್ರ ಸರ್ಕಾರದ ಮೇಲೆ ರಾಜ್ಯ ಸರ್ಕಾರದಿಂದ ಒತ್ತಡ ಹೇರಬೇಕು ಎಂದು ಆಗ್ರಹಿಸಿದರು.

Printed by : M. NAGARAJA,Published and Owned by : H. BABU, Printed at : MANJU MUDRANA ,Kunduvada Kere Road, Near Kadappa Bavi, Davangere
-577006, Davangere Dist, Karnataka Published at : At No .89, Marenahalli – 577528, Jagalur Town, Davangere Dist, Karnataka. Editor : H. BABU.
